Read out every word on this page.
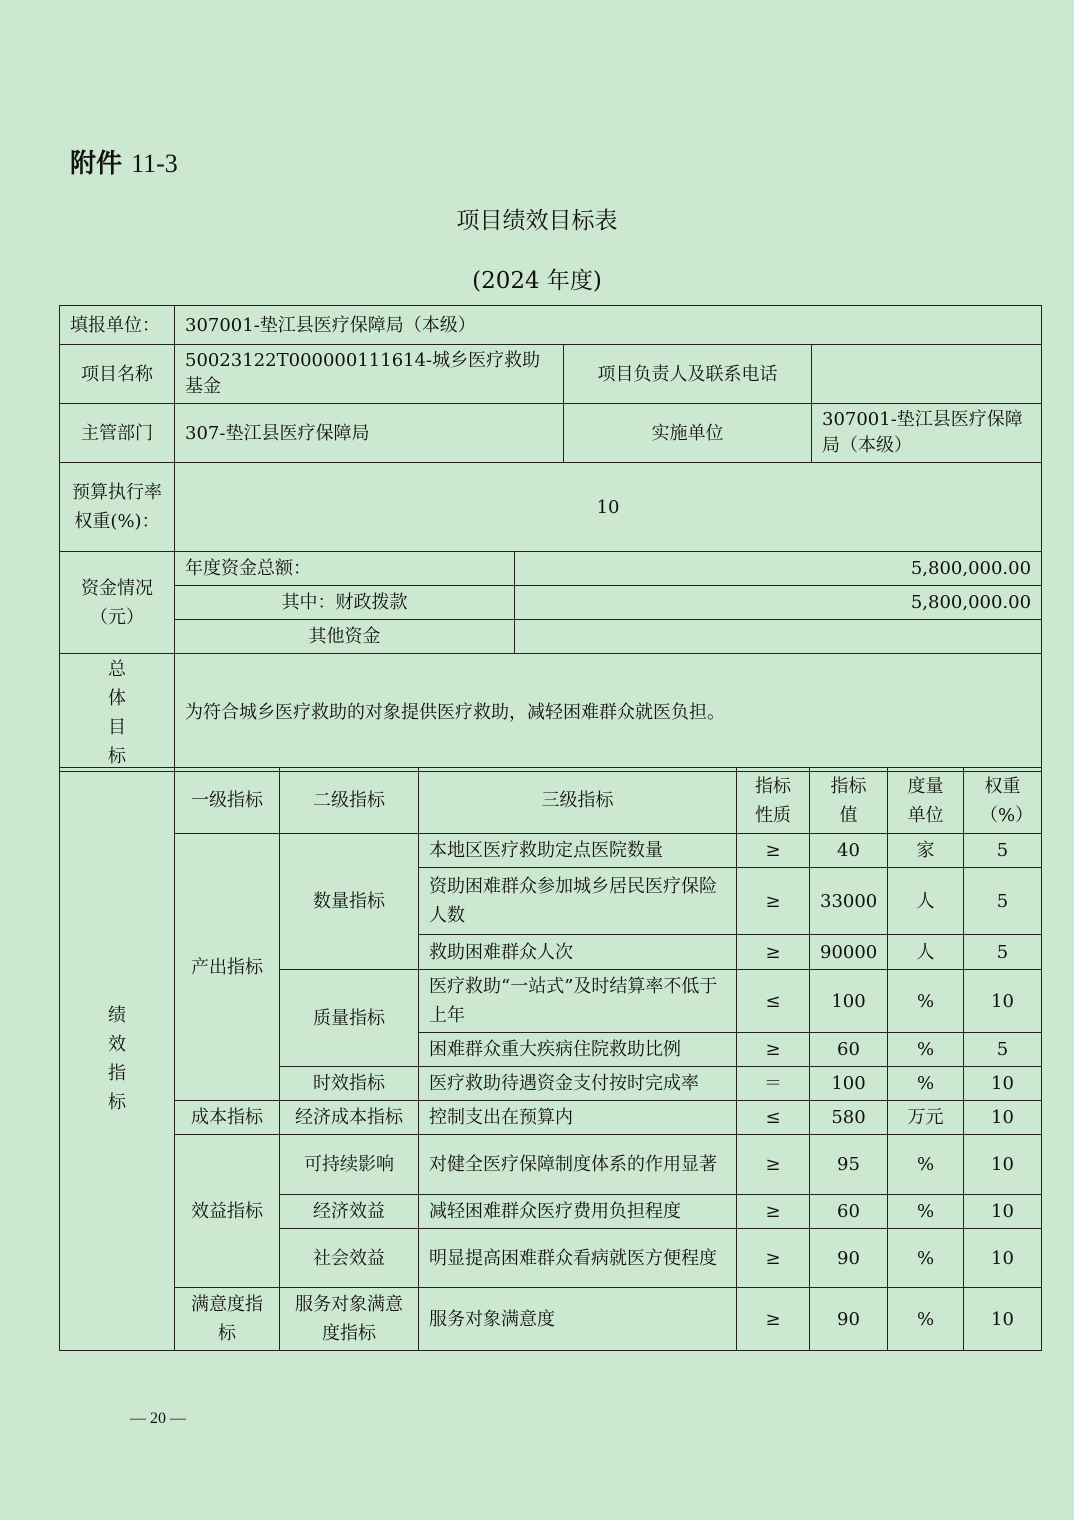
附件 11-3
项目绩效目标表
(2024 年度)
填报单位：	307001-垫江县医疗保障局（本级）			
项目名称	50023122T000000111614-城乡医疗救助基金		项目负责人及联系电话	
主管部门	307-垫江县医疗保障局		实施单位	307001-垫江县医疗保障局（本级）
预算执行率权重(%)：	10			
资金情况（元）	年度资金总额：	5,800,000.00		
	其中：财政拨款	5,800,000.00		
	其他资金			
总体目标	为符合城乡医疗救助的对象提供医疗救助，减轻困难群众就医负担。			
绩效指标	一级指标	二级指标	三级指标	指标性质	指标值	度量单位	权重（%）
	产出指标	数量指标	本地区医疗救助定点医院数量	≥	40	家	5
			资助困难群众参加城乡居民医疗保险人数	≥	33000	人	5
			救助困难群众人次	≥	90000	人	5
		质量指标	医疗救助“一站式”及时结算率不低于上年	≤	100	%	10
			困难群众重大疾病住院救助比例	≥	60	%	5
		时效指标	医疗救助待遇资金支付按时完成率	＝	100	%	10
	成本指标	经济成本指标	控制支出在预算内	≤	580	万元	10
	效益指标	可持续影响	对健全医疗保障制度体系的作用显著	≥	95	%	10
		经济效益	减轻困难群众医疗费用负担程度	≥	60	%	10
		社会效益	明显提高困难群众看病就医方便程度	≥	90	%	10
	满意度指标	服务对象满意度指标	服务对象满意度	≥	90	%	10
— 20 —
